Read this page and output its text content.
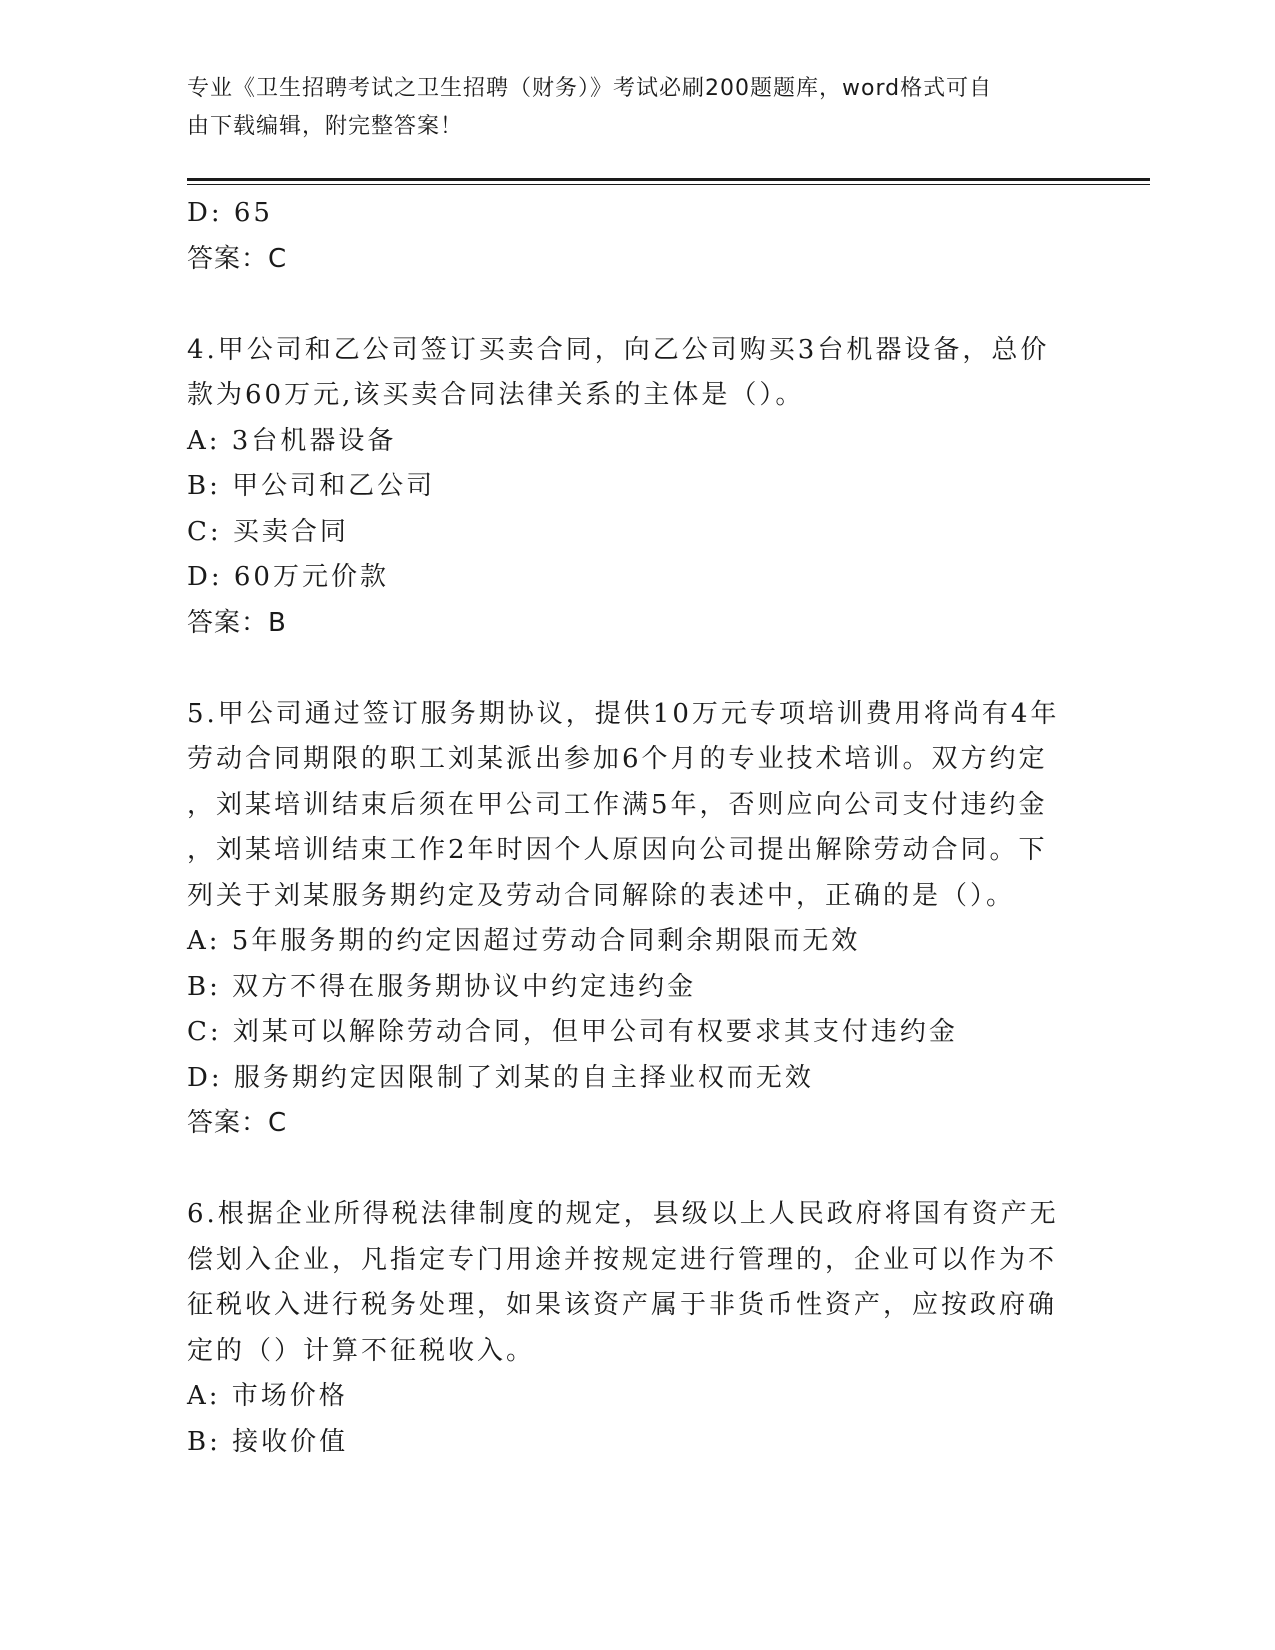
专业《卫生招聘考试之卫生招聘（财务）》考试必刷200题题库，word格式可自
由下载编辑，附完整答案！
D: 65
答案：C
4.甲公司和乙公司签订买卖合同，向乙公司购买3台机器设备，总价
款为60万元,该买卖合同法律关系的主体是（）。
A: 3台机器设备
B: 甲公司和乙公司
C: 买卖合同
D: 60万元价款
答案：B
5.甲公司通过签订服务期协议，提供10万元专项培训费用将尚有4年
劳动合同期限的职工刘某派出参加6个月的专业技术培训。双方约定
，刘某培训结束后须在甲公司工作满5年，否则应向公司支付违约金
，刘某培训结束工作2年时因个人原因向公司提出解除劳动合同。下
列关于刘某服务期约定及劳动合同解除的表述中，正确的是（）。
A: 5年服务期的约定因超过劳动合同剩余期限而无效
B: 双方不得在服务期协议中约定违约金
C: 刘某可以解除劳动合同，但甲公司有权要求其支付违约金
D: 服务期约定因限制了刘某的自主择业权而无效
答案：C
6.根据企业所得税法律制度的规定，县级以上人民政府将国有资产无
偿划入企业，凡指定专门用途并按规定进行管理的，企业可以作为不
征税收入进行税务处理，如果该资产属于非货币性资产，应按政府确
定的（）计算不征税收入。
A: 市场价格
B: 接收价值
